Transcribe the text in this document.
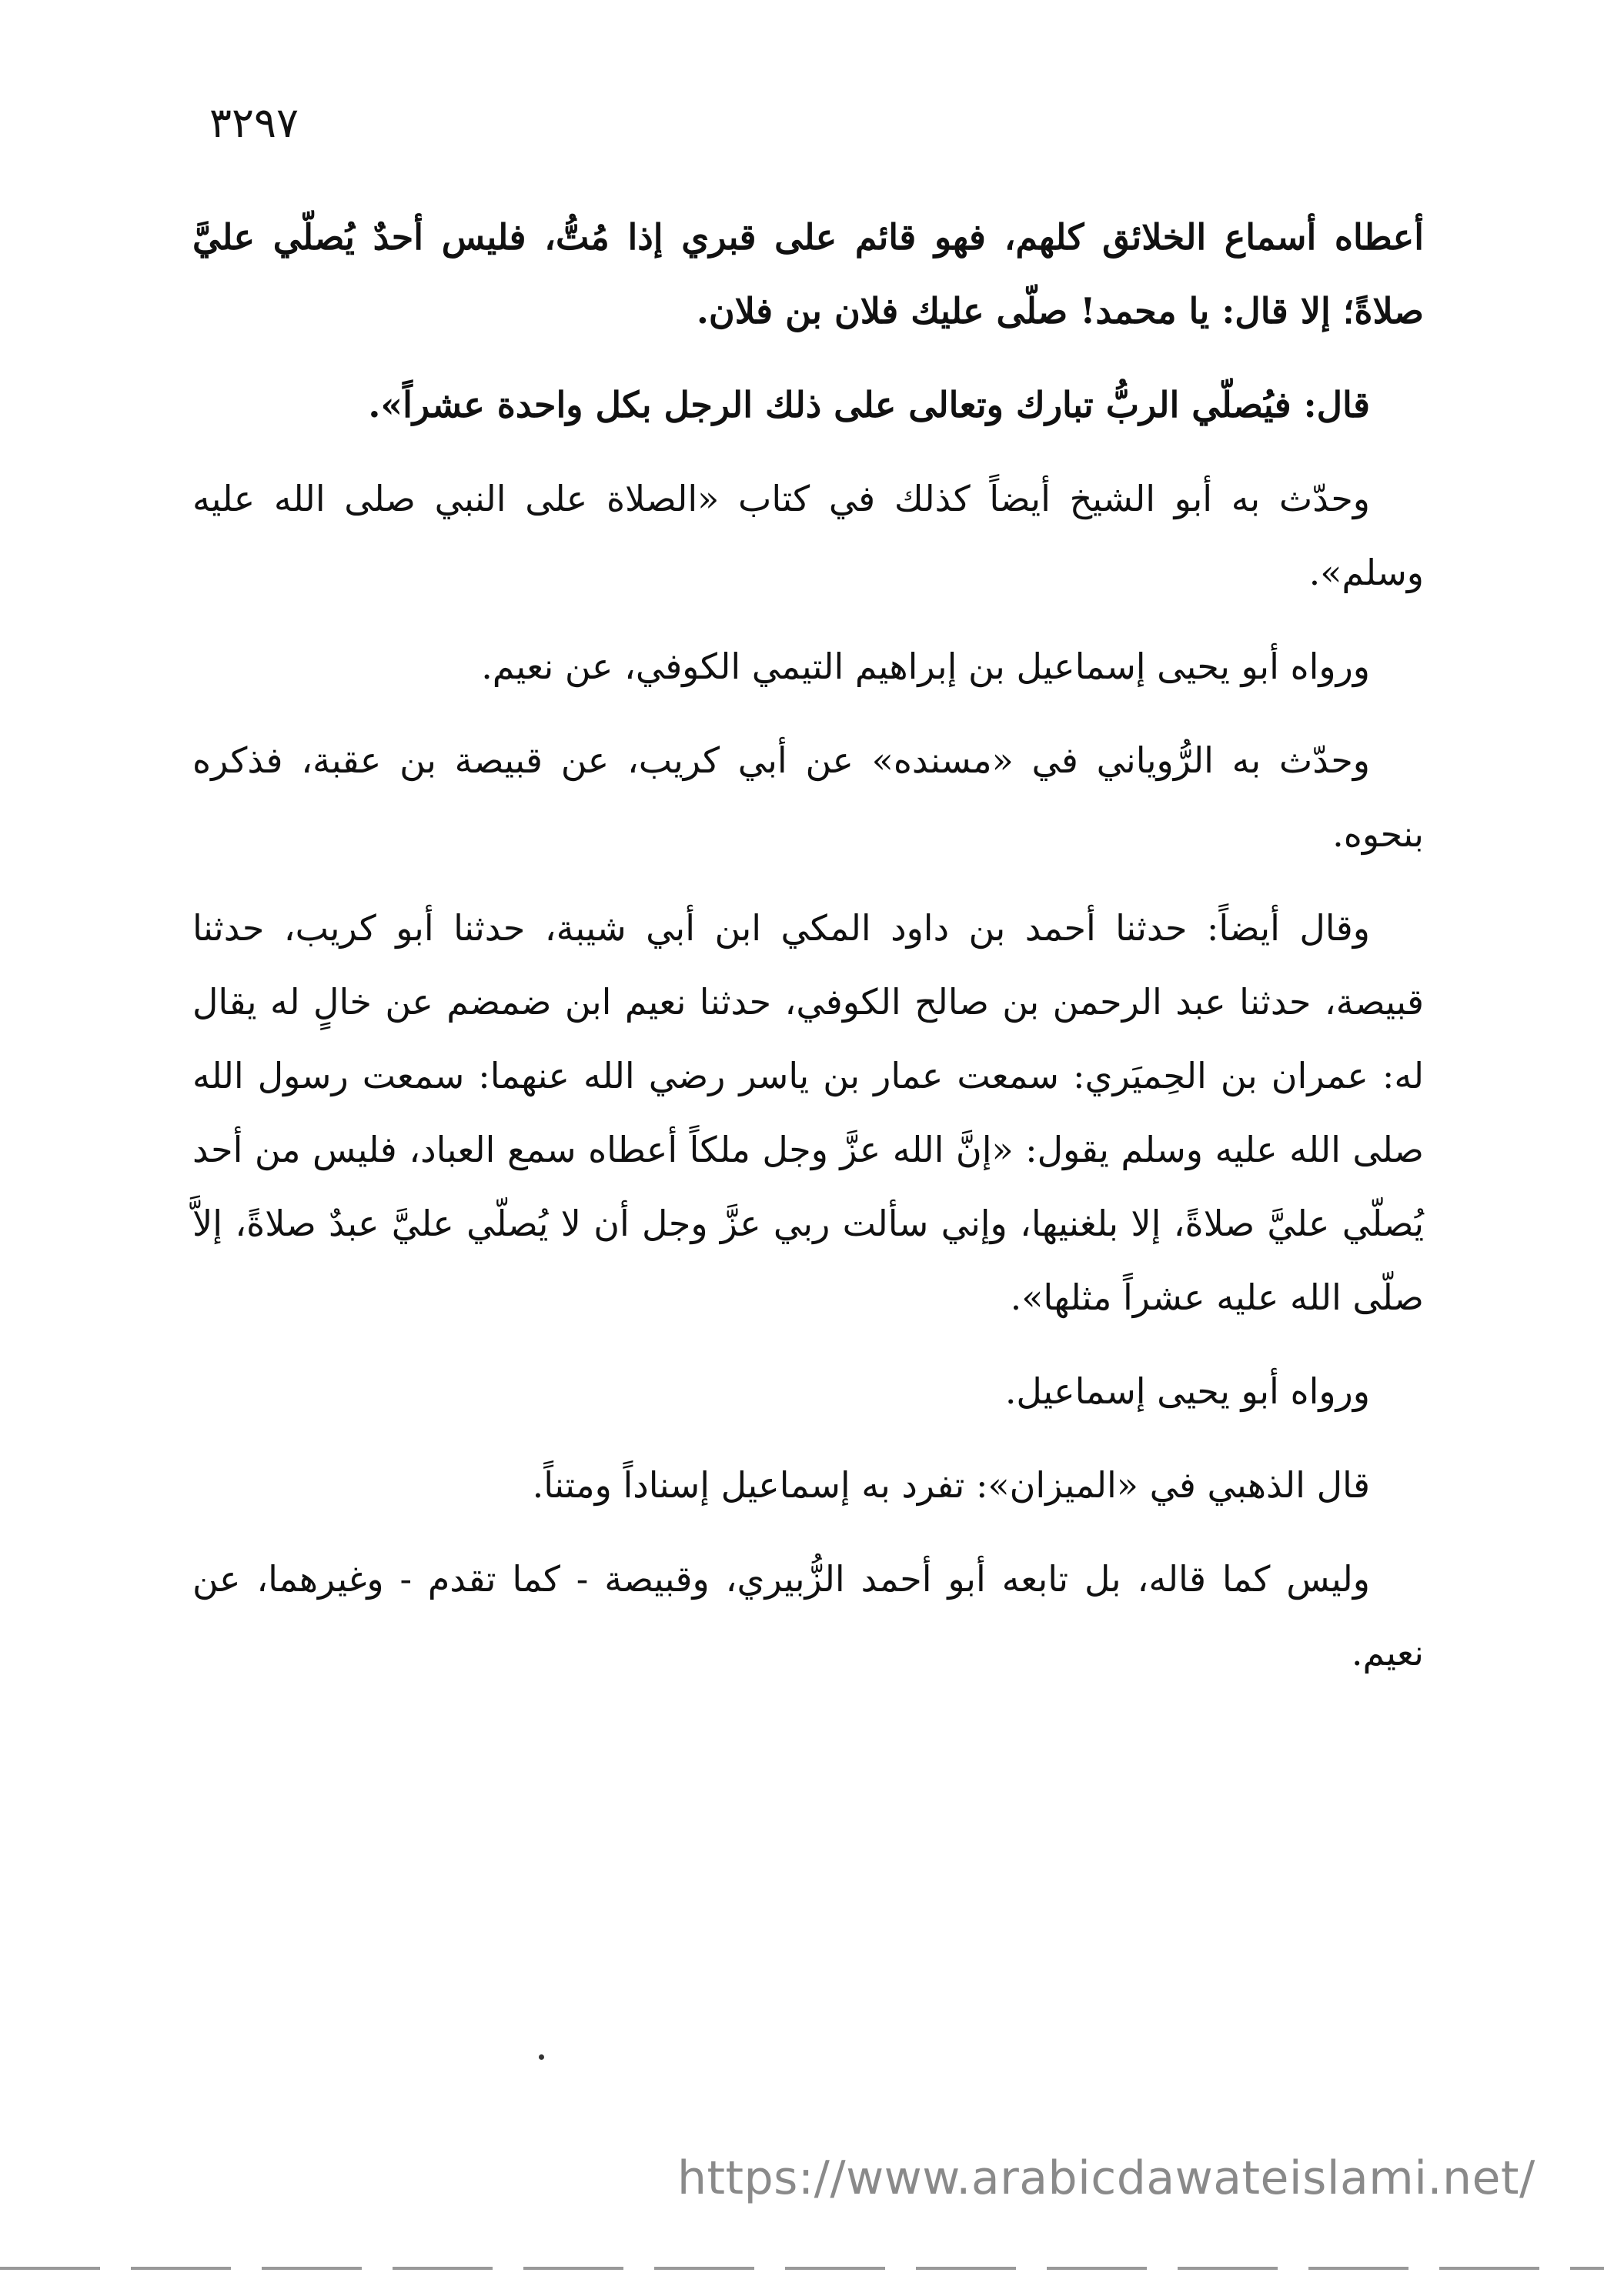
٣٢٩٧

أعطاه أسماع الخلائق كلهم، فهو قائم على قبري إذا مُتُّ، فليس أحدٌ يُصلّي عليَّ صلاةً؛ إلا قال: يا محمد! صلّى عليك فلان بن فلان.

قال: فيُصلّي الربُّ تبارك وتعالى على ذلك الرجل بكل واحدة عشراً».

وحدّث به أبو الشيخ أيضاً كذلك في كتاب «الصلاة على النبي صلى الله عليه وسلم».

ورواه أبو يحيى إسماعيل بن إبراهيم التيمي الكوفي، عن نعيم.

وحدّث به الرُّوياني في «مسنده» عن أبي كريب، عن قبيصة بن عقبة، فذكره بنحوه.

وقال أيضاً: حدثنا أحمد بن داود المكي ابن أبي شيبة، حدثنا أبو كريب، حدثنا قبيصة، حدثنا عبد الرحمن بن صالح الكوفي، حدثنا نعيم ابن ضمضم عن خالٍ له يقال له: عمران بن الحِميَري: سمعت عمار بن ياسر رضي الله عنهما: سمعت رسول الله صلى الله عليه وسلم يقول: «إنَّ الله عزَّ وجل ملكاً أعطاه سمع العباد، فليس من أحد يُصلّي عليَّ صلاةً، إلا بلغنيها، وإني سألت ربي عزَّ وجل أن لا يُصلّي عليَّ عبدٌ صلاةً، إلاَّ صلّى الله عليه عشراً مثلها».

ورواه أبو يحيى إسماعيل.

قال الذهبي في «الميزان»: تفرد به إسماعيل إسناداً ومتناً.

وليس كما قاله، بل تابعه أبو أحمد الزُّبيري، وقبيصة - كما تقدم - وغيرهما، عن نعيم.

https://www.arabicdawateislami.net/
